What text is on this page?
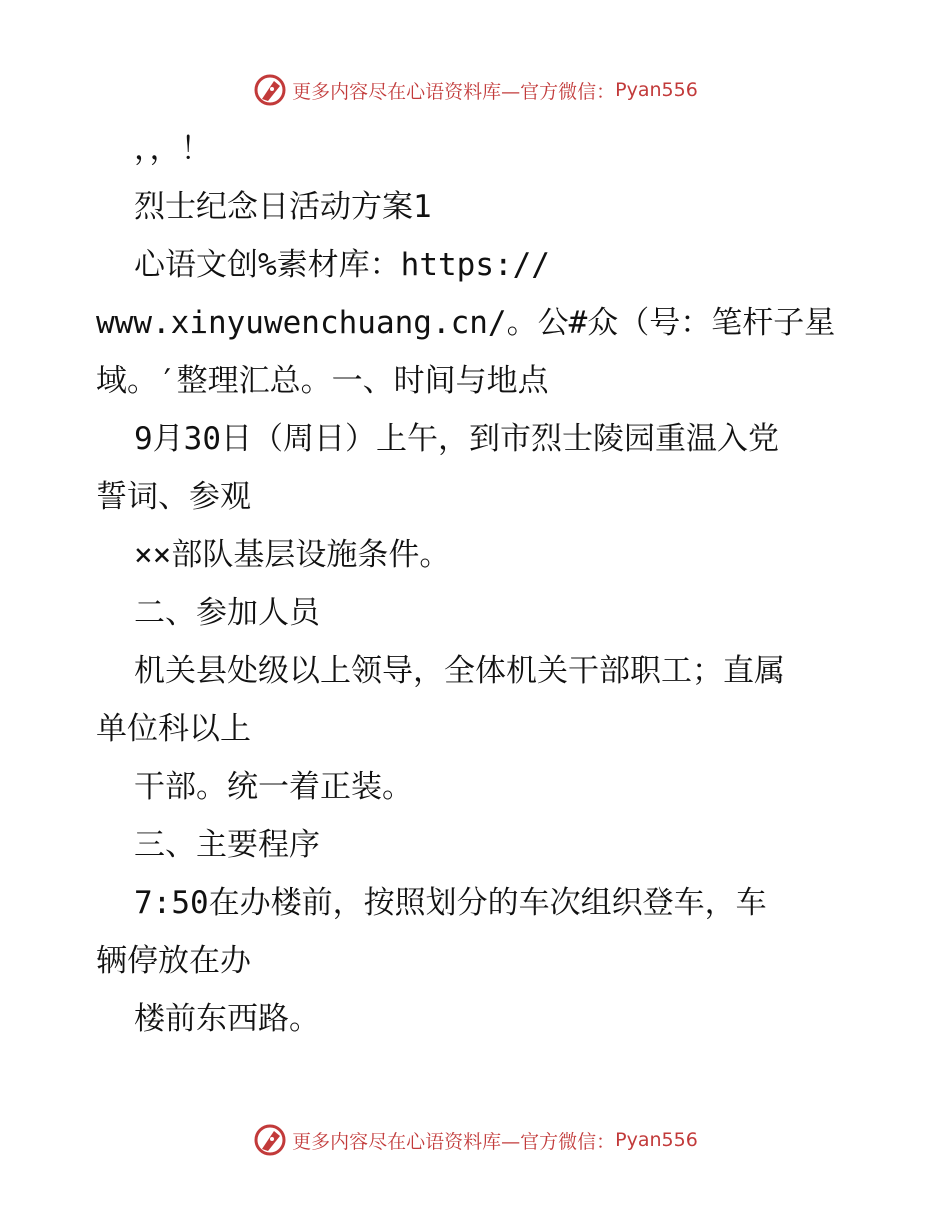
更多内容尽在心语资料库—官方微信： Pyan556
，，！
烈士纪念日活动方案1
心语文创%素材库：https://
www.xinyuwenchuang.cn/。公#众（号：笔杆子星
域。′整理汇总。一、时间与地点
9月30日（周日）上午，到市烈士陵园重温入党
誓词、参观
××部队基层设施条件。
二、参加人员
机关县处级以上领导，全体机关干部职工；直属
单位科以上
干部。统一着正装。
三、主要程序
7:50在办楼前，按照划分的车次组织登车，车
辆停放在办
楼前东西路。
更多内容尽在心语资料库—官方微信： Pyan556
